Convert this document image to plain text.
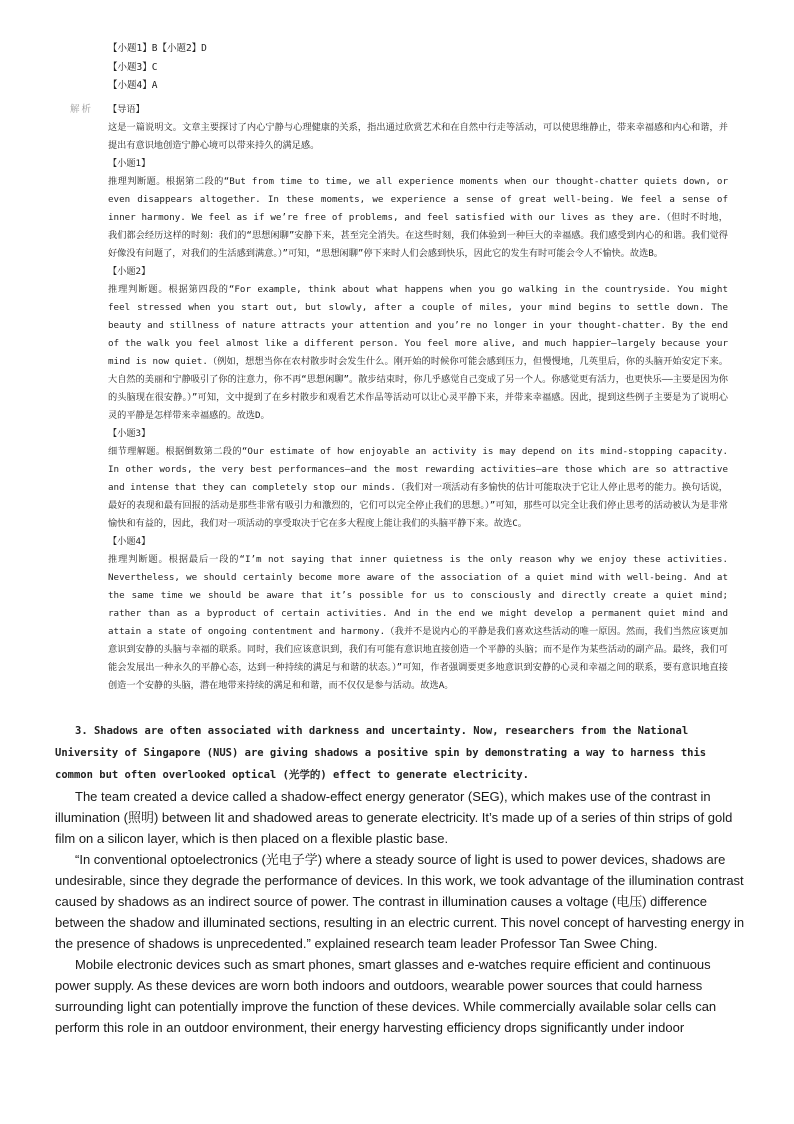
【小题1】B【小题2】D
【小题3】C
【小题4】A
解析 【导语】

这是一篇说明文。文章主要探讨了内心宁静与心理健康的关系，指出通过欣赏艺术和在自然中行走等活动，可以使思维静止，带来幸福感和内心和谐，并提出有意识地创造宁静心境可以带来持久的满足感。

【小题1】

推理判断题。根据第二段的“But from time to time, we all experience moments when our thought-chatter quiets down, or even disappears altogether. In these moments, we experience a sense of great well-being. We feel a sense of inner harmony. We feel as if we’re free of problems, and feel satisfied with our lives as they are.（但时不时地，我们都会经历这样的时刻：我们的“思想闲聊”安静下来，甚至完全消失。在这些时刻，我们体验到一种巨大的幸福感。我们感受到内心的和谐。我们觉得好像没有问题了，对我们的生活感到满意。）”可知，“思想闲聊”停下来时人们会感到快乐，因此它的发生有时可能会令人不愉快。故选B。

【小题2】

推理判断题。根据第四段的“For example, think about what happens when you go walking in the countryside. You might feel stressed when you start out, but slowly, after a couple of miles, your mind begins to settle down. The beauty and stillness of nature attracts your attention and you’re no longer in your thought-chatter. By the end of the walk you feel almost like a different person. You feel more alive, and much happier—largely because your mind is now quiet.（例如，想想当你在农村散步时会发生什么。刚开始的时候你可能会感到压力，但慢慢地，几英里后，你的头脑开始安定下来。大自然的美丽和宁静吸引了你的注意力，你不再“思想闲聊”。散步结束时，你几乎感觉自己变成了另一个人。你感觉更有活力，也更快乐——主要是因为你的头脑现在很安静。）”可知，文中提到了在乡村散步和观看艺术作品等活动可以让心灵平静下来，并带来幸福感。因此，提到这些例子主要是为了说明心灵的平静是怎样带来幸福感的。故选D。

【小题3】

细节理解题。根据倒数第二段的“Our estimate of how enjoyable an activity is may depend on its mind-stopping capacity. In other words, the very best performances—and the most rewarding activities—are those which are so attractive and intense that they can completely stop our minds.（我们对一项活动有多愉快的估计可能取决于它让人停止思考的能力。换句话说，最好的表现和最有回报的活动是那些非常有吸引力和激烈的，它们可以完全停止我们的思想。）”可知，那些可以完全让我们停止思考的活动被认为是非常愉快和有益的，因此，我们对一项活动的享受取决于它在多大程度上能让我们的头脑平静下来。故选C。

【小题4】

推理判断题。根据最后一段的“I’m not saying that inner quietness is the only reason why we enjoy these activities. Nevertheless, we should certainly become more aware of the association of a quiet mind with well-being. And at the same time we should be aware that it’s possible for us to consciously and directly create a quiet mind; rather than as a byproduct of certain activities. And in the end we might develop a permanent quiet mind and attain a state of ongoing contentment and harmony.（我并不是说内心的平静是我们喜欢这些活动的唯一原因。然而，我们当然应该更加意识到安静的头脑与幸福的联系。同时，我们应该意识到，我们有可能有意识地直接创造一个平静的头脑；而不是作为某些活动的副产品。最终，我们可能会发展出一种永久的平静心态，达到一种持续的满足与和谐的状态。）”可知，作者强调要更多地意识到安静的心灵和幸福之间的联系，要有意识地直接创造一个安静的头脑，潜在地带来持续的满足和和谐，而不仅仅是参与活动。故选A。

3. Shadows are often associated with darkness and uncertainty. Now, researchers from the National University of Singapore (NUS) are giving shadows a positive spin by demonstrating a way to harness this common but often overlooked optical (光学的) effect to generate electricity.

The team created a device called a shadow-effect energy generator (SEG), which makes use of the contrast in illumination (照明) between lit and shadowed areas to generate electricity. It’s made up of a series of thin strips of gold film on a silicon layer, which is then placed on a flexible plastic base.

“In conventional optoelectronics (光电子学) where a steady source of light is used to power devices, shadows are undesirable, since they degrade the performance of devices. In this work, we took advantage of the illumination contrast caused by shadows as an indirect source of power. The contrast in illumination causes a voltage (电压) difference between the shadow and illuminated sections, resulting in an electric current. This novel concept of harvesting energy in the presence of shadows is unprecedented.” explained research team leader Professor Tan Swee Ching.

Mobile electronic devices such as smart phones, smart glasses and e-watches require efficient and continuous power supply. As these devices are worn both indoors and outdoors, wearable power sources that could harness surrounding light can potentially improve the function of these devices. While commercially available solar cells can perform this role in an outdoor environment, their energy harvesting efficiency drops significantly under indoor
